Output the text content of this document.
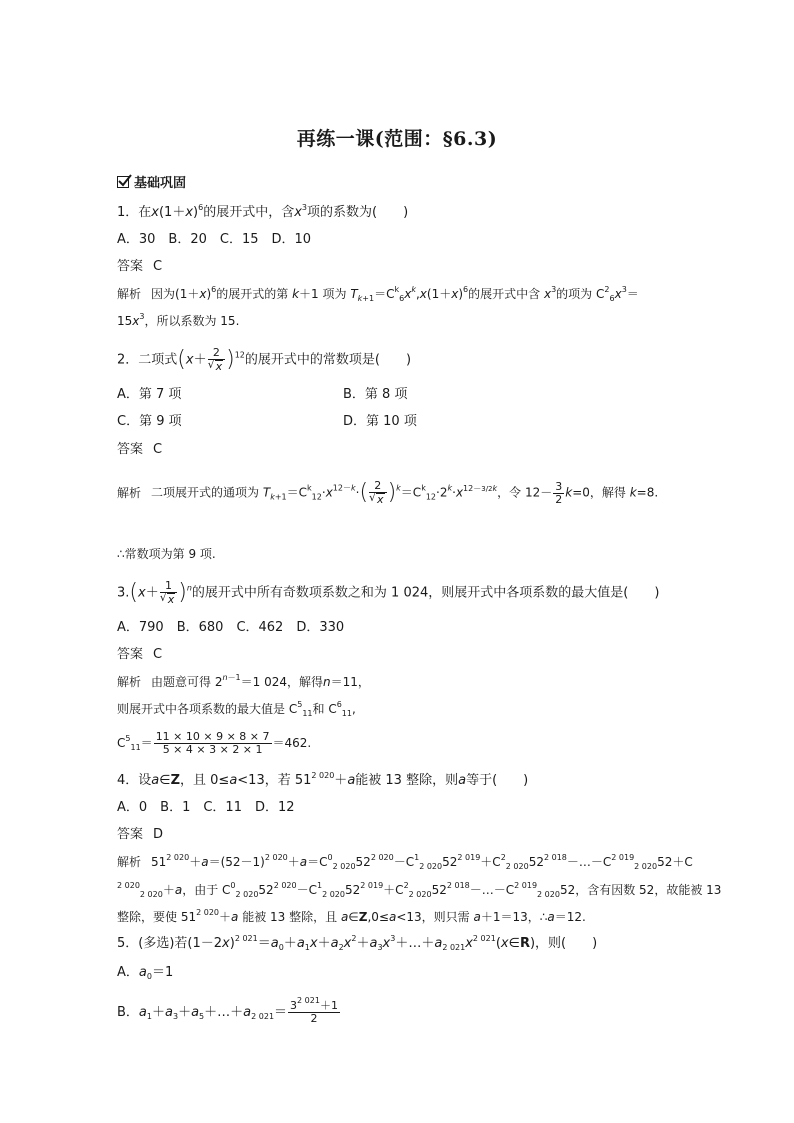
再练一课(范围：§6.3)
基础巩固
1．在$x(1+x)^6$的展开式中，含$x^3$项的系数为(　　)
A．30　B．20　C．15　D．10
答案 C
解析 因为$(1+x)^6$的展开式的第 k＋1 项为 $T_{k+1}=C^k_6x^k,x(1+x)^6$的展开式中含 $x^3$的项为 $C^2_6x^3=$
$15x^3$，所以系数为 15.
2．二项式(x＋ 2
√ x )$^{12}$的展开式中的常数项是(　　)
A．第 7 项	B．第 8 项
C．第 9 项	D．第 10 项
答案 C
解析 二项展开式的通项为 $T_{k+1}=C^k_{12}\cdot x^{12-k}\cdot$( 2
√ x )$^k=C^k_{12}\cdot 2^k\cdot x^{12-3/2k}$，令 $12- \frac{3}{2} k=0$，解得 k=8.
∴常数项为第 9 项.
3.(x＋ 1
√ x )$^n$的展开式中所有奇数项系数之和为 1 024，则展开式中各项系数的最大值是(　　)
A．790　B．680　C．462　D．330
答案 C
解析 由题意可得 $2^{n-1}=1$ 024，解得n＝11，
则展开式中各项系数的最大值是 $C^5_{11}$和 $C^6_{11}$,
$C^5_{11}= \frac{11 \times 10 \times 9 \times 8 \times 7}{5 \times 4 \times 3 \times 2 \times 1} =462$.
4．设a∈Z，且 0≤a<13，若 $51^{2 020}+a$能被 13 整除，则a等于(　　)
A．0　B．1　C．11　D．12
答案 D
解析 $51^{2 020}+a=(52-1)^{2 020}+a=C^0_{2 020}52^{2 020}-C^1_{2 020}52^{2 019}+C^2_{2 020}52^{2 018}-\dots-C^{2 019}_{2 020}52+C$
$^{2 020}_{2 020}$＋a，由于 $C^0_{2 020}52^{2 020}-C^1_{2 020}52^{2 019}+C^2_{2 020}52^{2 018}-\dots-C^{2 019}_{2 020}52$，含有因数 52，故能被 13
整除，要使 $51^{2 020}+a$ 能被 13 整除，且 a∈Z,0≤a<13，则只需 a＋1＝13，∴a＝12.
5．(多选)若$(1-2x)^{2 021}=a_0+a_1x+a_2x^2+a_3x^3+\dots+a_{2 021}x^{2 021}(x\in R)$，则(　　)
A．$a_0=1$
B．$a_1+a_3+a_5+\dots+a_{2 021}= \frac{3^{2 021}+1}{2}$
